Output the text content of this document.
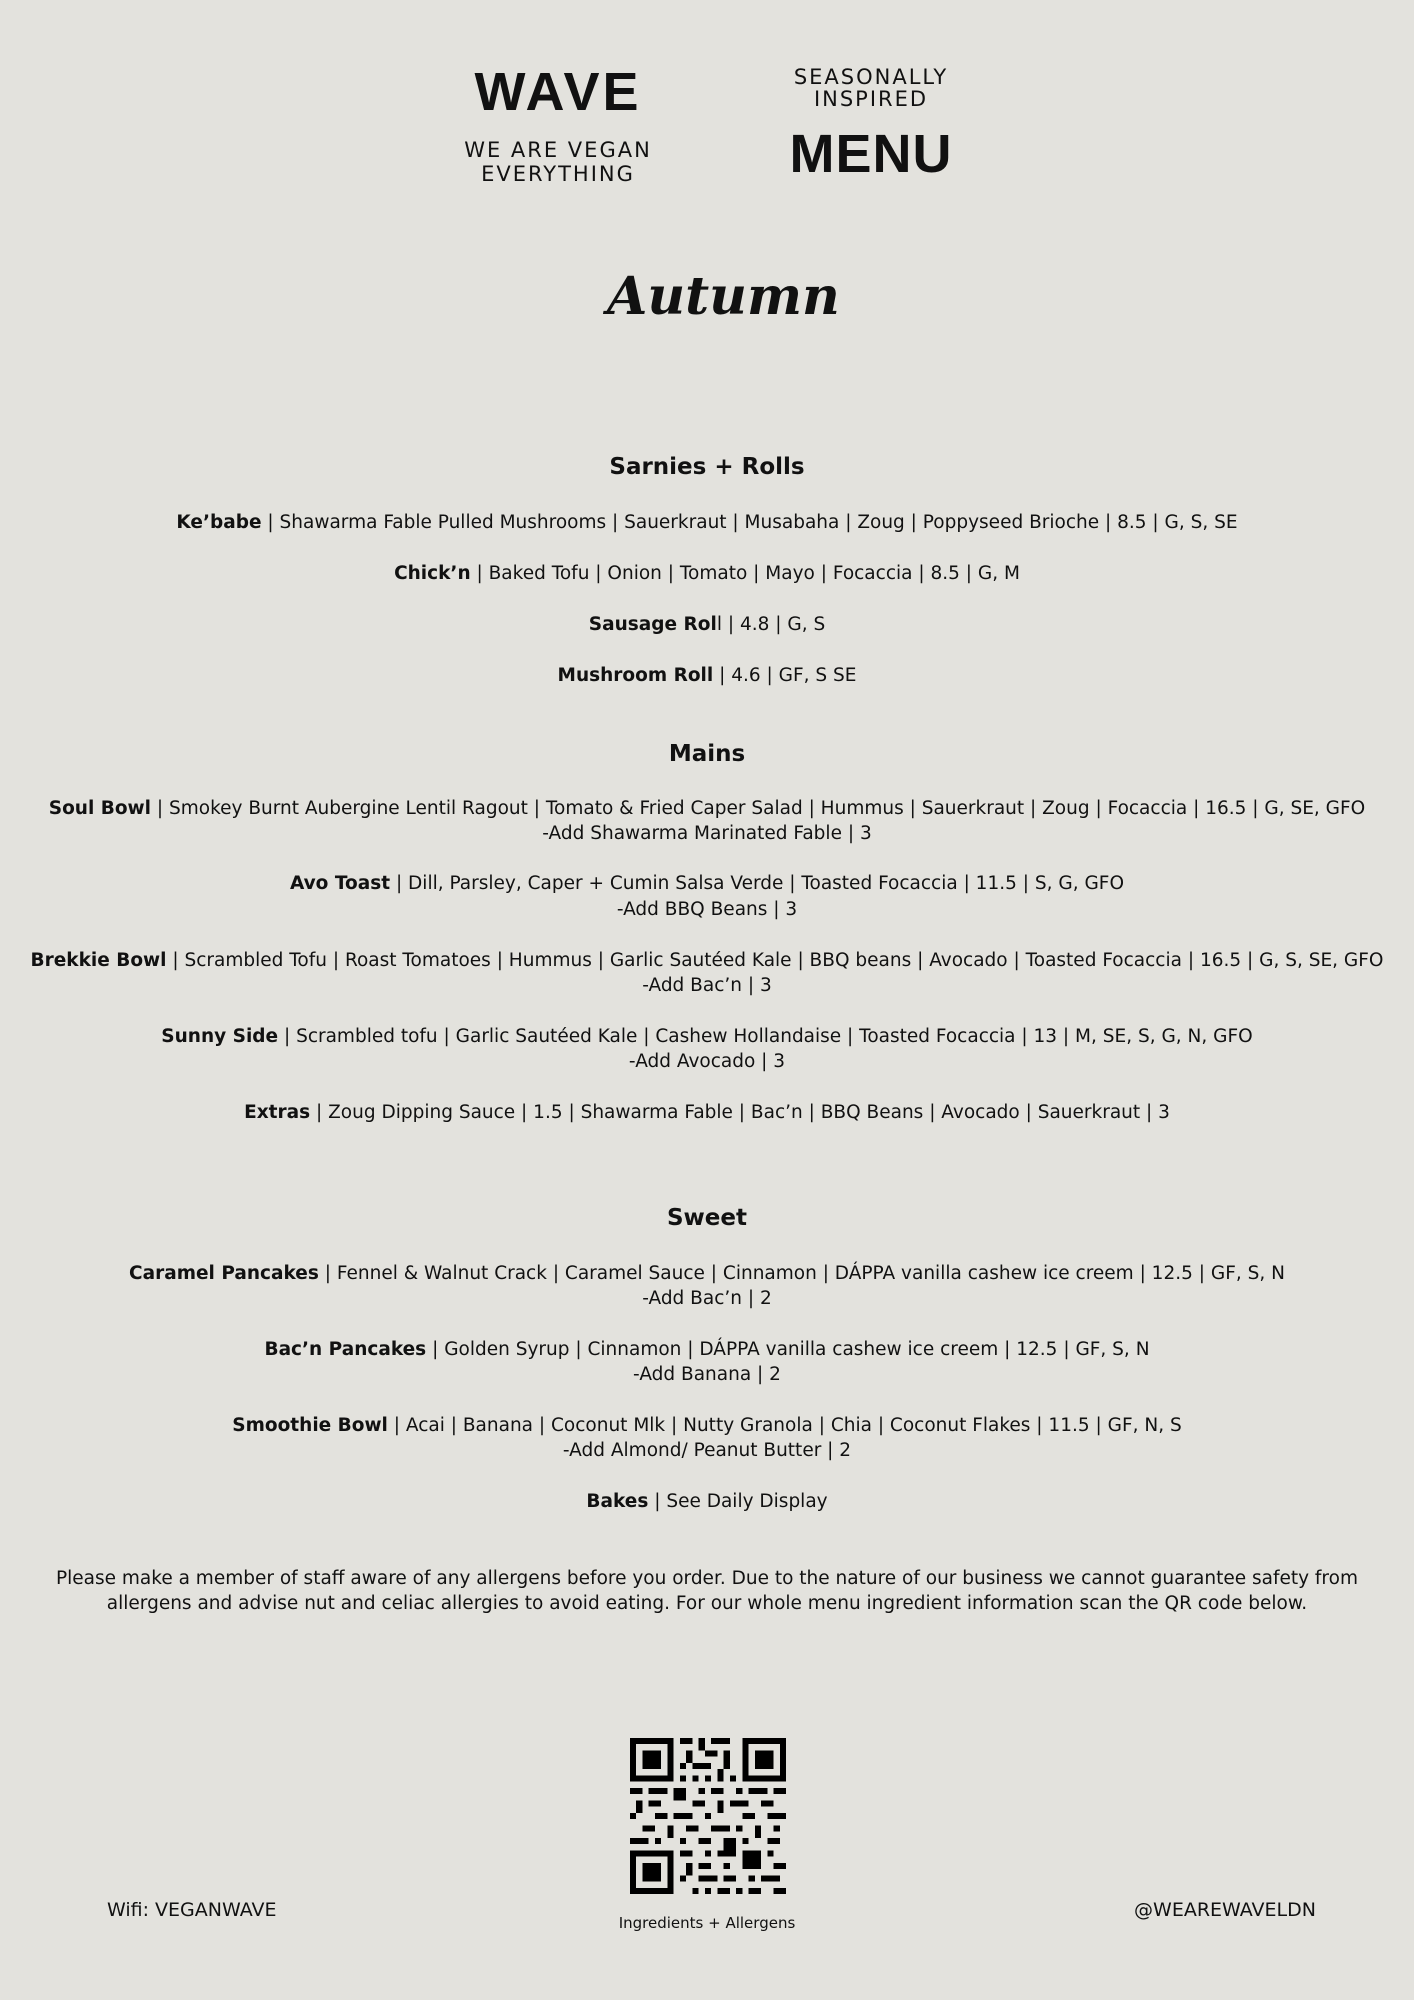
WAVE
WE ARE VEGAN
EVERYTHING
SEASONALLY
INSPIRED
MENU
Autumn
Sarnies + Rolls
Ke’babe | Shawarma Fable Pulled Mushrooms | Sauerkraut | Musabaha | Zoug | Poppyseed Brioche | 8.5 | G, S, SE
Chick’n | Baked Tofu | Onion | Tomato | Mayo | Focaccia | 8.5 | G, M
Sausage Roll | 4.8 | G, S
Mushroom Roll | 4.6 | GF, S SE
Mains
Soul Bowl | Smokey Burnt Aubergine Lentil Ragout | Tomato & Fried Caper Salad | Hummus | Sauerkraut | Zoug | Focaccia | 16.5 | G, SE, GFO
-Add Shawarma Marinated Fable | 3
Avo Toast | Dill, Parsley, Caper + Cumin Salsa Verde | Toasted Focaccia | 11.5 | S, G, GFO
-Add BBQ Beans | 3
Brekkie Bowl | Scrambled Tofu | Roast Tomatoes | Hummus | Garlic Sautéed Kale | BBQ beans | Avocado | Toasted Focaccia | 16.5 | G, S, SE, GFO
-Add Bac’n | 3
Sunny Side | Scrambled tofu | Garlic Sautéed Kale | Cashew Hollandaise | Toasted Focaccia | 13 | M, SE, S, G, N, GFO
-Add Avocado | 3
Extras | Zoug Dipping Sauce | 1.5 | Shawarma Fable | Bac’n | BBQ Beans | Avocado | Sauerkraut | 3
Sweet
Caramel Pancakes | Fennel & Walnut Crack | Caramel Sauce | Cinnamon | DÁPPA vanilla cashew ice creem | 12.5 | GF, S, N
-Add Bac’n | 2
Bac’n Pancakes | Golden Syrup | Cinnamon | DÁPPA vanilla cashew ice creem | 12.5 | GF, S, N
-Add Banana | 2
Smoothie Bowl | Acai | Banana | Coconut Mlk | Nutty Granola | Chia | Coconut Flakes | 11.5 | GF, N, S
-Add Almond/ Peanut Butter | 2
Bakes | See Daily Display
Please make a member of staff aware of any allergens before you order. Due to the nature of our business we cannot guarantee safety from
allergens and advise nut and celiac allergies to avoid eating. For our whole menu ingredient information scan the QR code below.
Wifi: VEGANWAVE
Ingredients + Allergens
@WEAREWAVELDN
